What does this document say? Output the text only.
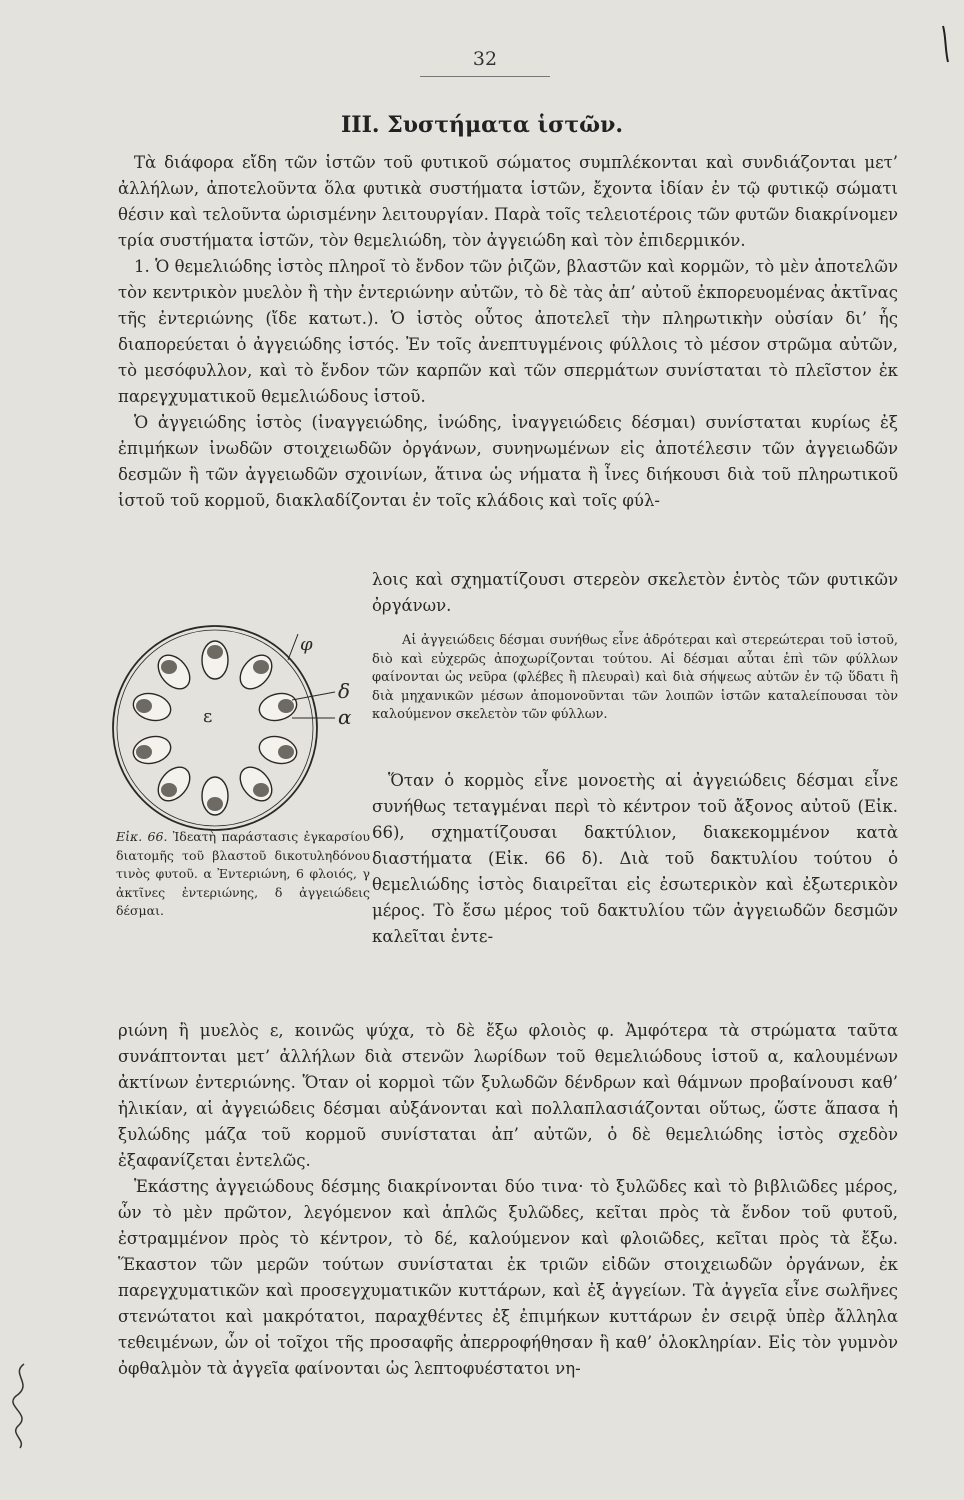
32
III. Συστήματα ἱστῶν.

Τὰ διάφορα εἴδη τῶν ἱστῶν τοῦ φυτικοῦ σώματος συμπλέκονται καὶ συνδιάζονται μετ’ ἀλλήλων, ἀποτελοῦντα ὅλα φυτικὰ συστήματα ἱστῶν, ἔχοντα ἰδίαν ἐν τῷ φυτικῷ σώματι θέσιν καὶ τελοῦντα ὡρισμένην λειτουργίαν. Παρὰ τοῖς τελειοτέροις τῶν φυτῶν διακρίνομεν τρία συστήματα ἱστῶν, τὸν θεμελιώδη, τὸν ἀγγειώδη καὶ τὸν ἐπιδερμικόν.

1. Ὁ θεμελιώδης ἱστὸς πληροῖ τὸ ἔνδον τῶν ῥιζῶν, βλαστῶν καὶ κορμῶν, τὸ μὲν ἀποτελῶν τὸν κεντρικὸν μυελὸν ἢ τὴν ἐντεριώνην αὐτῶν, τὸ δὲ τὰς ἀπ’ αὐτοῦ ἐκπορευομένας ἀκτῖνας τῆς ἐντεριώνης (ἴδε κατωτ.). Ὁ ἱστὸς οὗτος ἀποτελεῖ τὴν πληρωτικὴν οὐσίαν δι’ ἧς διαπορεύεται ὁ ἀγγειώδης ἱστός. Ἐν τοῖς ἀνεπτυγμένοις φύλλοις τὸ μέσον στρῶμα αὐτῶν, τὸ μεσόφυλλον, καὶ τὸ ἔνδον τῶν καρπῶν καὶ τῶν σπερμάτων συνίσταται τὸ πλεῖστον ἐκ παρεγχυματικοῦ θεμελιώδους ἱστοῦ.

Ὁ ἀγγειώδης ἱστὸς (ἰναγγειώδης, ἰνώδης, ἰναγγειώδεις δέσμαι) συνίσταται κυρίως ἐξ ἐπιμήκων ἰνωδῶν στοιχειωδῶν ὀργάνων, συνηνωμένων εἰς ἀποτέλεσιν τῶν ἀγγειωδῶν δεσμῶν ἢ τῶν ἀγγειωδῶν σχοινίων, ἅτινα ὡς νήματα ἢ ἶνες διήκουσι διὰ τοῦ πληρωτικοῦ ἱστοῦ τοῦ κορμοῦ, διακλαδίζονται ἐν τοῖς κλάδοις καὶ τοῖς φύλ-

λοις καὶ σχηματίζουσι στερεὸν σκελετὸν ἐντὸς τῶν φυτικῶν ὀργάνων.

Αἱ ἀγγειώδεις δέσμαι συνήθως εἶνε ἁδρότεραι καὶ στερεώτεραι τοῦ ἱστοῦ, διὸ καὶ εὐχερῶς ἀποχωρίζονται τούτου. Αἱ δέσμαι αὗται ἐπὶ τῶν φύλλων φαίνονται ὡς νεῦρα (φλέβες ἢ πλευραὶ) καὶ διὰ σήψεως αὐτῶν ἐν τῷ ὕδατι ἢ διὰ μηχανικῶν μέσων ἀπομονοῦνται τῶν λοιπῶν ἱστῶν καταλείπουσαι τὸν καλούμενον σκελετὸν τῶν φύλλων.

Ὅταν ὁ κορμὸς εἶνε μονοετὴς αἱ ἀγγειώδεις δέσμαι εἶνε συνήθως τεταγμέναι περὶ τὸ κέντρον τοῦ ἄξονος αὐτοῦ (Εἰκ. 66), σχηματίζουσαι δακτύλιον, διακεκομμένον κατὰ διαστήματα (Εἰκ. 66 δ). Διὰ τοῦ δακτυλίου τούτου ὁ θεμελιώδης ἱστὸς διαιρεῖται εἰς ἐσωτερικὸν καὶ ἐξωτερικὸν μέρος. Τὸ ἔσω μέρος τοῦ δακτυλίου τῶν ἀγγειωδῶν δεσμῶν καλεῖται ἐντε-

φ
δ
α
ε
Εἰκ. 66. Ἰδεατὴ παράστασις ἐγκαρσίου διατομῆς τοῦ βλαστοῦ δικοτυληδόνου τινὸς φυτοῦ. α Ἐντεριώνη, 6 φλοιός, γ ἀκτῖνες ἐντεριώνης, δ ἀγγειώδεις δέσμαι.

ριώνη ἢ μυελὸς ε, κοινῶς ψύχα, τὸ δὲ ἔξω φλοιὸς φ. Ἀμφότερα τὰ στρώματα ταῦτα συνάπτονται μετ’ ἀλλήλων διὰ στενῶν λωρίδων τοῦ θεμελιώδους ἱστοῦ α, καλουμένων ἀκτίνων ἐντεριώνης. Ὅταν οἱ κορμοὶ τῶν ξυλωδῶν δένδρων καὶ θάμνων προβαίνουσι καθ’ ἡλικίαν, αἱ ἀγγειώδεις δέσμαι αὐξάνονται καὶ πολλαπλασιάζονται οὕτως, ὥστε ἅπασα ἡ ξυλώδης μάζα τοῦ κορμοῦ συνίσταται ἀπ’ αὐτῶν, ὁ δὲ θεμελιώδης ἱστὸς σχεδὸν ἐξαφανίζεται ἐντελῶς.

Ἑκάστης ἀγγειώδους δέσμης διακρίνονται δύο τινα· τὸ ξυλῶδες καὶ τὸ βιβλιῶδες μέρος, ὧν τὸ μὲν πρῶτον, λεγόμενον καὶ ἁπλῶς ξυλῶδες, κεῖται πρὸς τὰ ἔνδον τοῦ φυτοῦ, ἐστραμμένον πρὸς τὸ κέντρον, τὸ δέ, καλούμενον καὶ φλοιῶδες, κεῖται πρὸς τὰ ἔξω. Ἕκαστον τῶν μερῶν τούτων συνίσταται ἐκ τριῶν εἰδῶν στοιχειωδῶν ὀργάνων, ἐκ παρεγχυματικῶν καὶ προσεγχυματικῶν κυττάρων, καὶ ἐξ ἀγγείων. Τὰ ἀγγεῖα εἶνε σωλῆνες στενώτατοι καὶ μακρότατοι, παραχθέντες ἐξ ἐπιμήκων κυττάρων ἐν σειρᾷ ὑπὲρ ἄλληλα τεθειμένων, ὧν οἱ τοῖχοι τῆς προσαφῆς ἀπερροφήθησαν ἢ καθ’ ὁλοκληρίαν. Εἰς τὸν γυμνὸν ὀφθαλμὸν τὰ ἀγγεῖα φαίνονται ὡς λεπτοφυέστατοι νη-
